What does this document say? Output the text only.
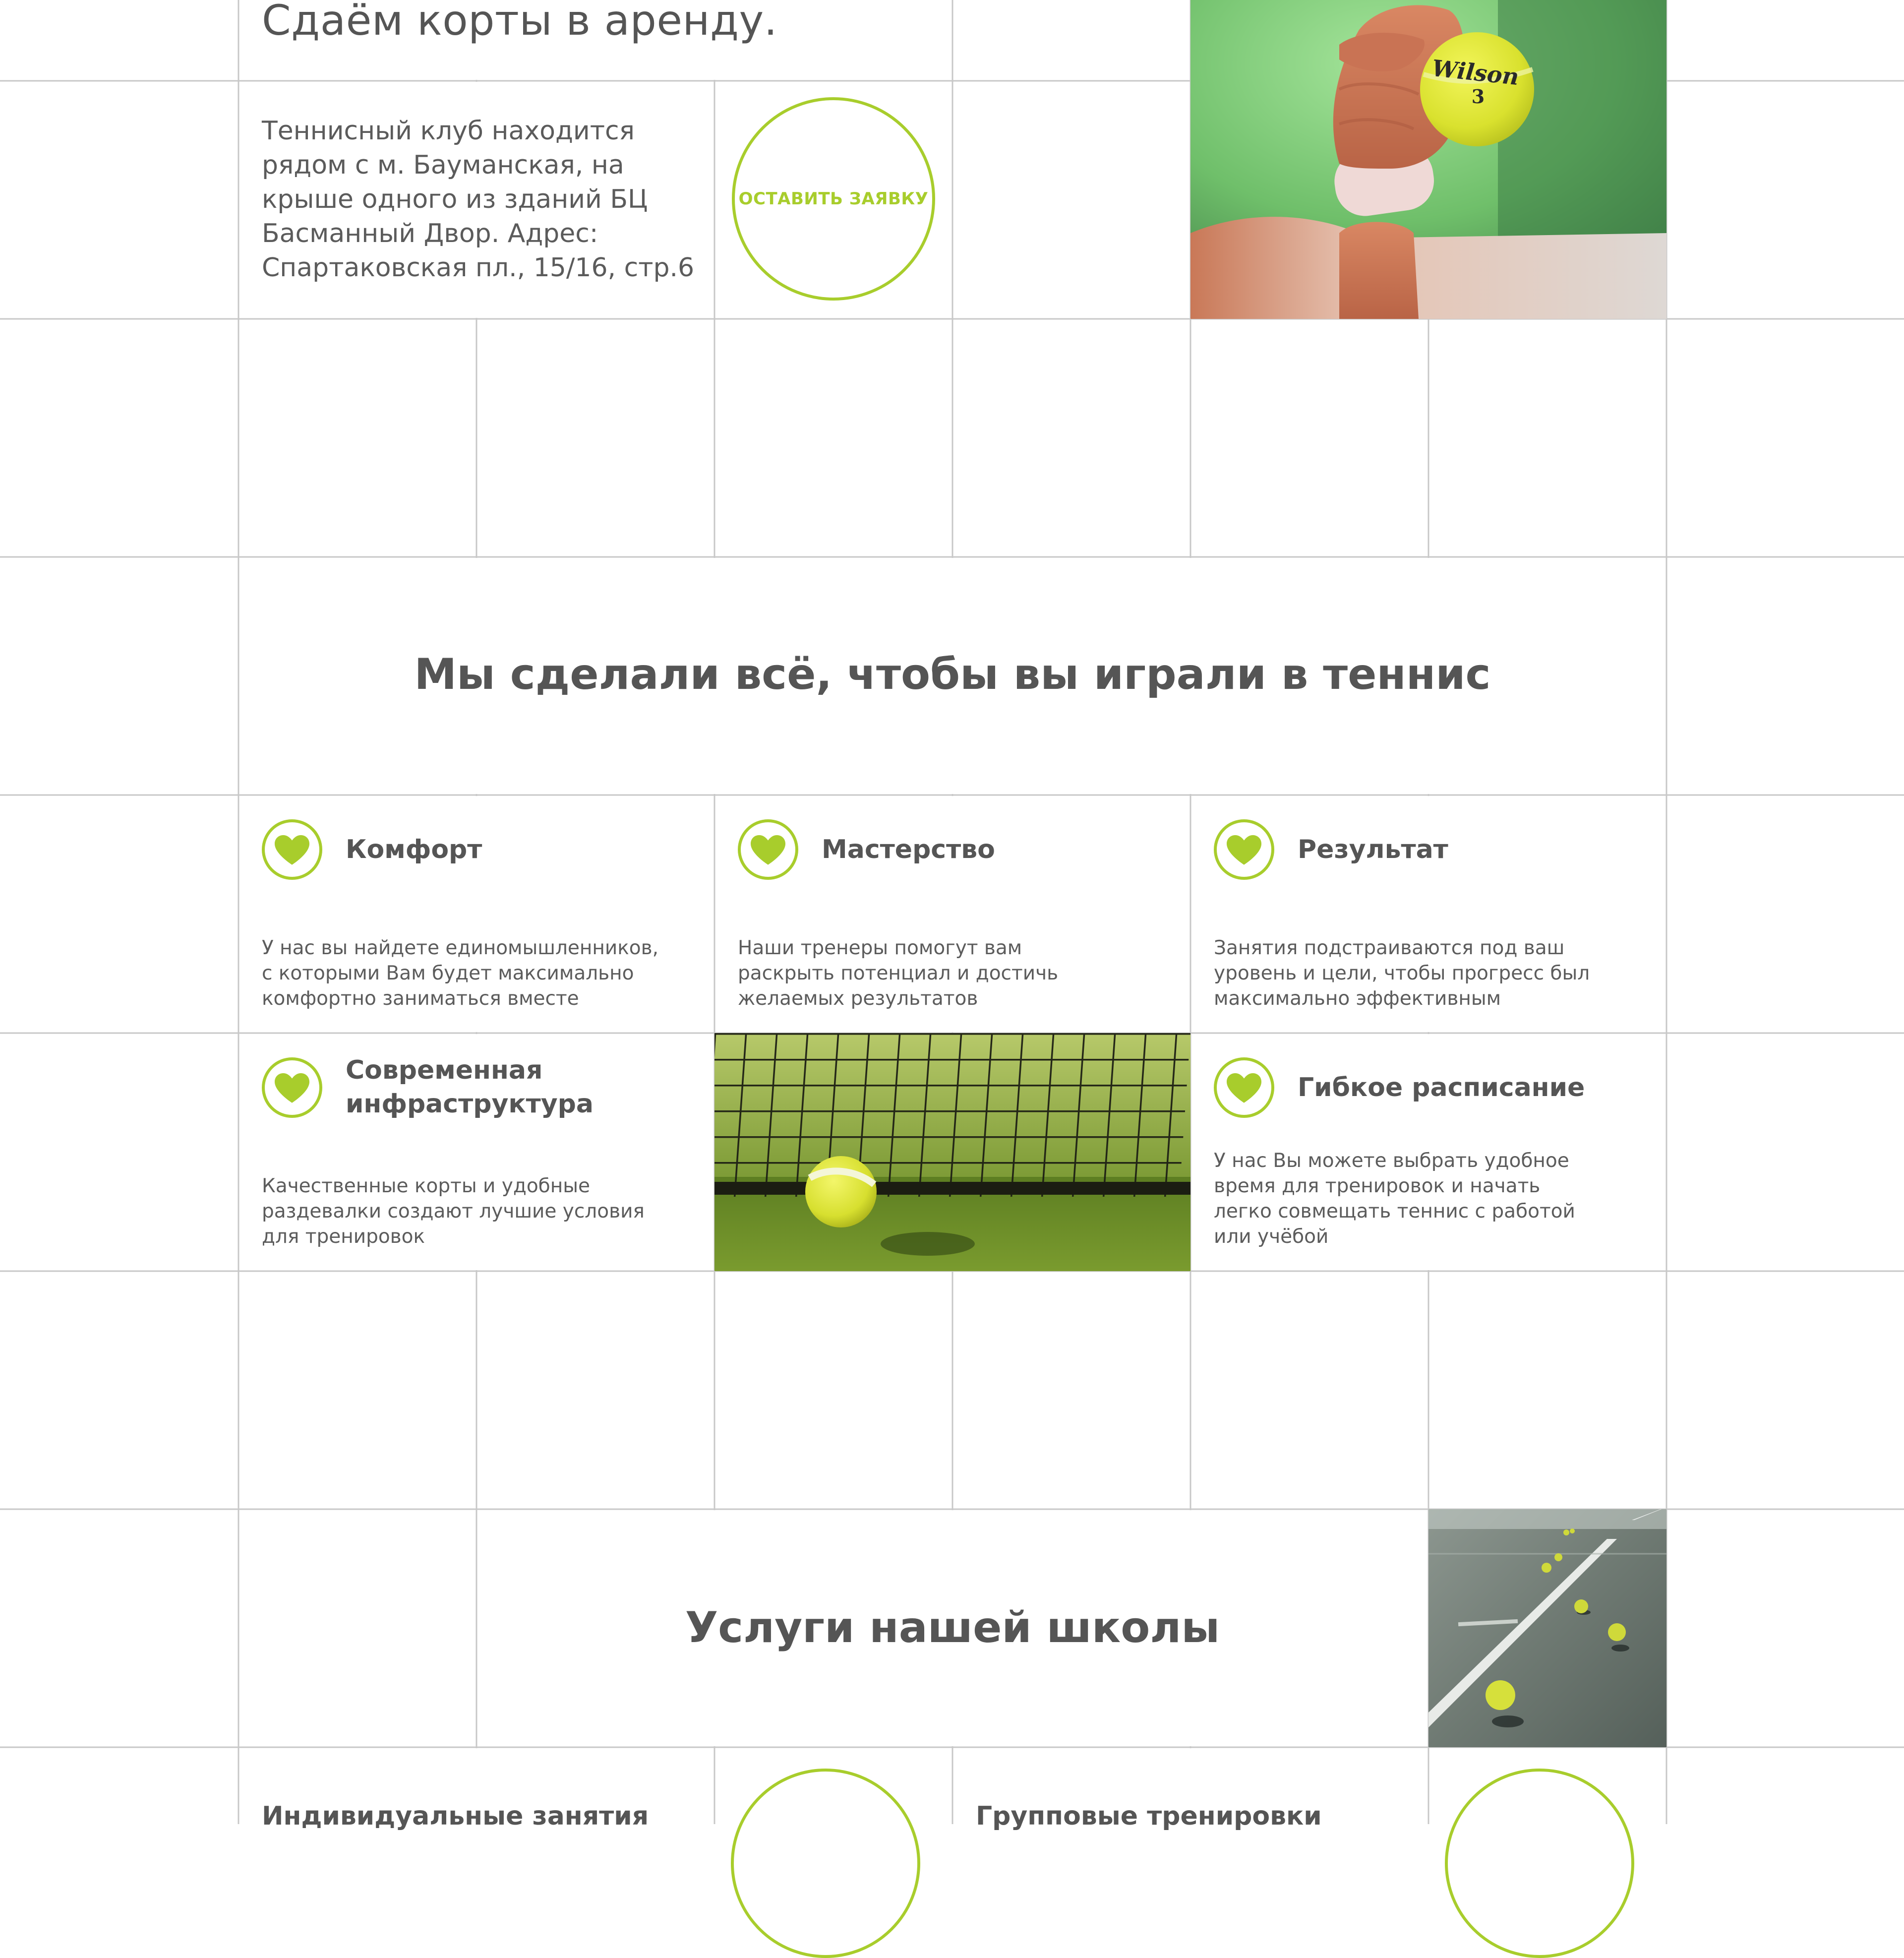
Сдаём корты в аренду.
Теннисный клуб находится рядом с м. Бауманская, на крыше одного из зданий БЦ Басманный Двор. Адрес: Спартаковская пл., 15/16, стр.6
ОСТАВИТЬ ЗАЯВКУ
Wilson
3
Мы сделали всё, чтобы вы играли в теннис
Комфорт
У нас вы найдете единомышленников, с которыми Вам будет максимально комфортно заниматься вместе
Мастерство
Наши тренеры помогут вам раскрыть потенциал и достичь желаемых результатов
Результат
Занятия подстраиваются под ваш уровень и цели, чтобы прогресс был максимально эффективным
Современная инфраструктура
Качественные корты и удобные раздевалки создают лучшие условия для тренировок
Гибкое расписание
У нас Вы можете выбрать удобное время для тренировок и начать легко совмещать теннис с работой или учёбой
Услуги нашей школы
Индивидуальные занятия	Групповые тренировки
